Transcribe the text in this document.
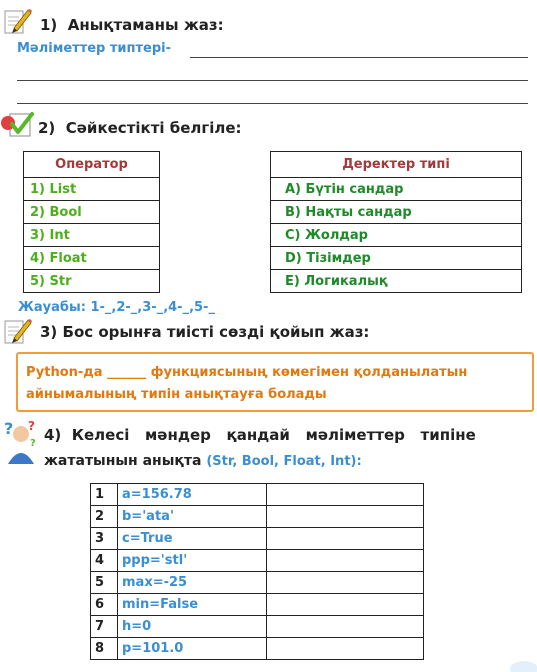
1) Анықтаманы жаз:
Мәліметтер типтері-
2) Сәйкестікті белгіле:
Оператор
1) List
2) Bool
3) Int
4) Float
5) Str
Деректер типі
A) Бүтін сандар
B) Нақты сандар
C) Жолдар
D) Тізімдер
E) Логикалық
Жауабы: 1-_,2-_,3-_,4-_,5-_
3) Бос орынға тиісті сөзді қойып жаз:
Python-да ______ функциясының көмегімен қолданылатын
айнымалының типін анықтауға болады
? ?
? 4)  Келесі   мәндер   қандай   мәліметтер   типіне
жататынын анықта (Str, Bool, Float, Int):
1	a=156.78	
2	b='ata'	
3	c=True	
4	ppp='stl'	
5	max=-25	
6	min=False	
7	h=0	
8	p=101.0	
